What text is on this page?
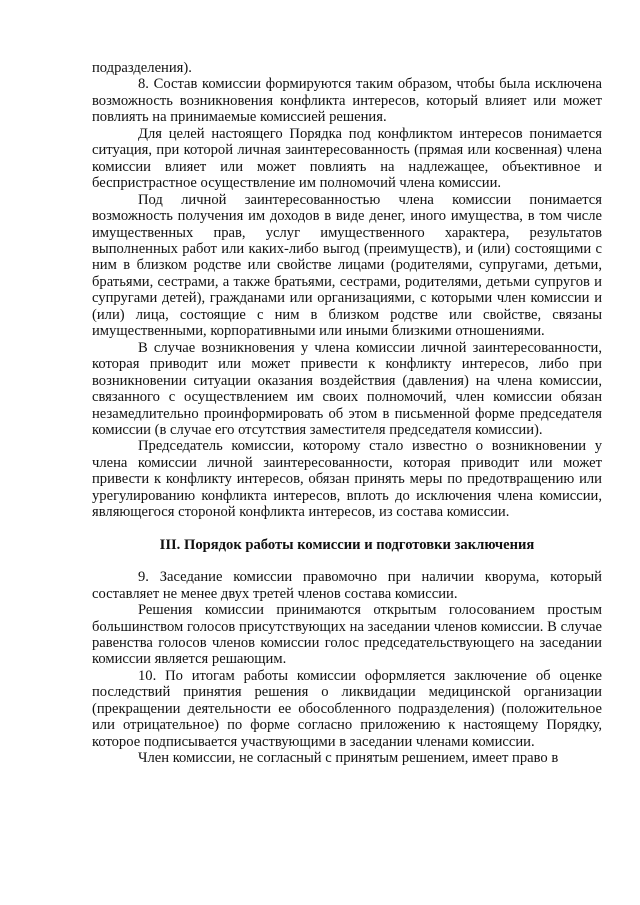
подразделения).

8. Состав комиссии формируются таким образом, чтобы была исключена возможность возникновения конфликта интересов, который влияет или может повлиять на принимаемые комиссией решения.

Для целей настоящего Порядка под конфликтом интересов понимается ситуация, при которой личная заинтересованность (прямая или косвенная) члена комиссии влияет или может повлиять на надлежащее, объективное и беспристрастное осуществление им полномочий члена комиссии.

Под личной заинтересованностью члена комиссии понимается возможность получения им доходов в виде денег, иного имущества, в том числе имущественных прав, услуг имущественного характера, результатов выполненных работ или каких-либо выгод (преимуществ), и (или) состоящими с ним в близком родстве или свойстве лицами (родителями, супругами, детьми, братьями, сестрами, а также братьями, сестрами, родителями, детьми супругов и супругами детей), гражданами или организациями, с которыми член комиссии и (или) лица, состоящие с ним в близком родстве или свойстве, связаны имущественными, корпоративными или иными близкими отношениями.

В случае возникновения у члена комиссии личной заинтересованности, которая приводит или может привести к конфликту интересов, либо при возникновении ситуации оказания воздействия (давления) на члена комиссии, связанного с осуществлением им своих полномочий, член комиссии обязан незамедлительно проинформировать об этом в письменной форме председателя комиссии (в случае его отсутствия заместителя председателя комиссии).

Председатель комиссии, которому стало известно о возникновении у члена комиссии личной заинтересованности, которая приводит или может привести к конфликту интересов, обязан принять меры по предотвращению или урегулированию конфликта интересов, вплоть до исключения члена комиссии, являющегося стороной конфликта интересов, из состава комиссии.

III. Порядок работы комиссии и подготовки заключения

9. Заседание комиссии правомочно при наличии кворума, который составляет не менее двух третей членов состава комиссии.

Решения комиссии принимаются открытым голосованием простым большинством голосов присутствующих на заседании членов комиссии. В случае равенства голосов членов комиссии голос председательствующего на заседании комиссии является решающим.

10. По итогам работы комиссии оформляется заключение об оценке последствий принятия решения о ликвидации медицинской организации (прекращении деятельности ее обособленного подразделения) (положительное или отрицательное) по форме согласно приложению к настоящему Порядку, которое подписывается участвующими в заседании членами комиссии.

Член комиссии, не согласный с принятым решением, имеет право в
